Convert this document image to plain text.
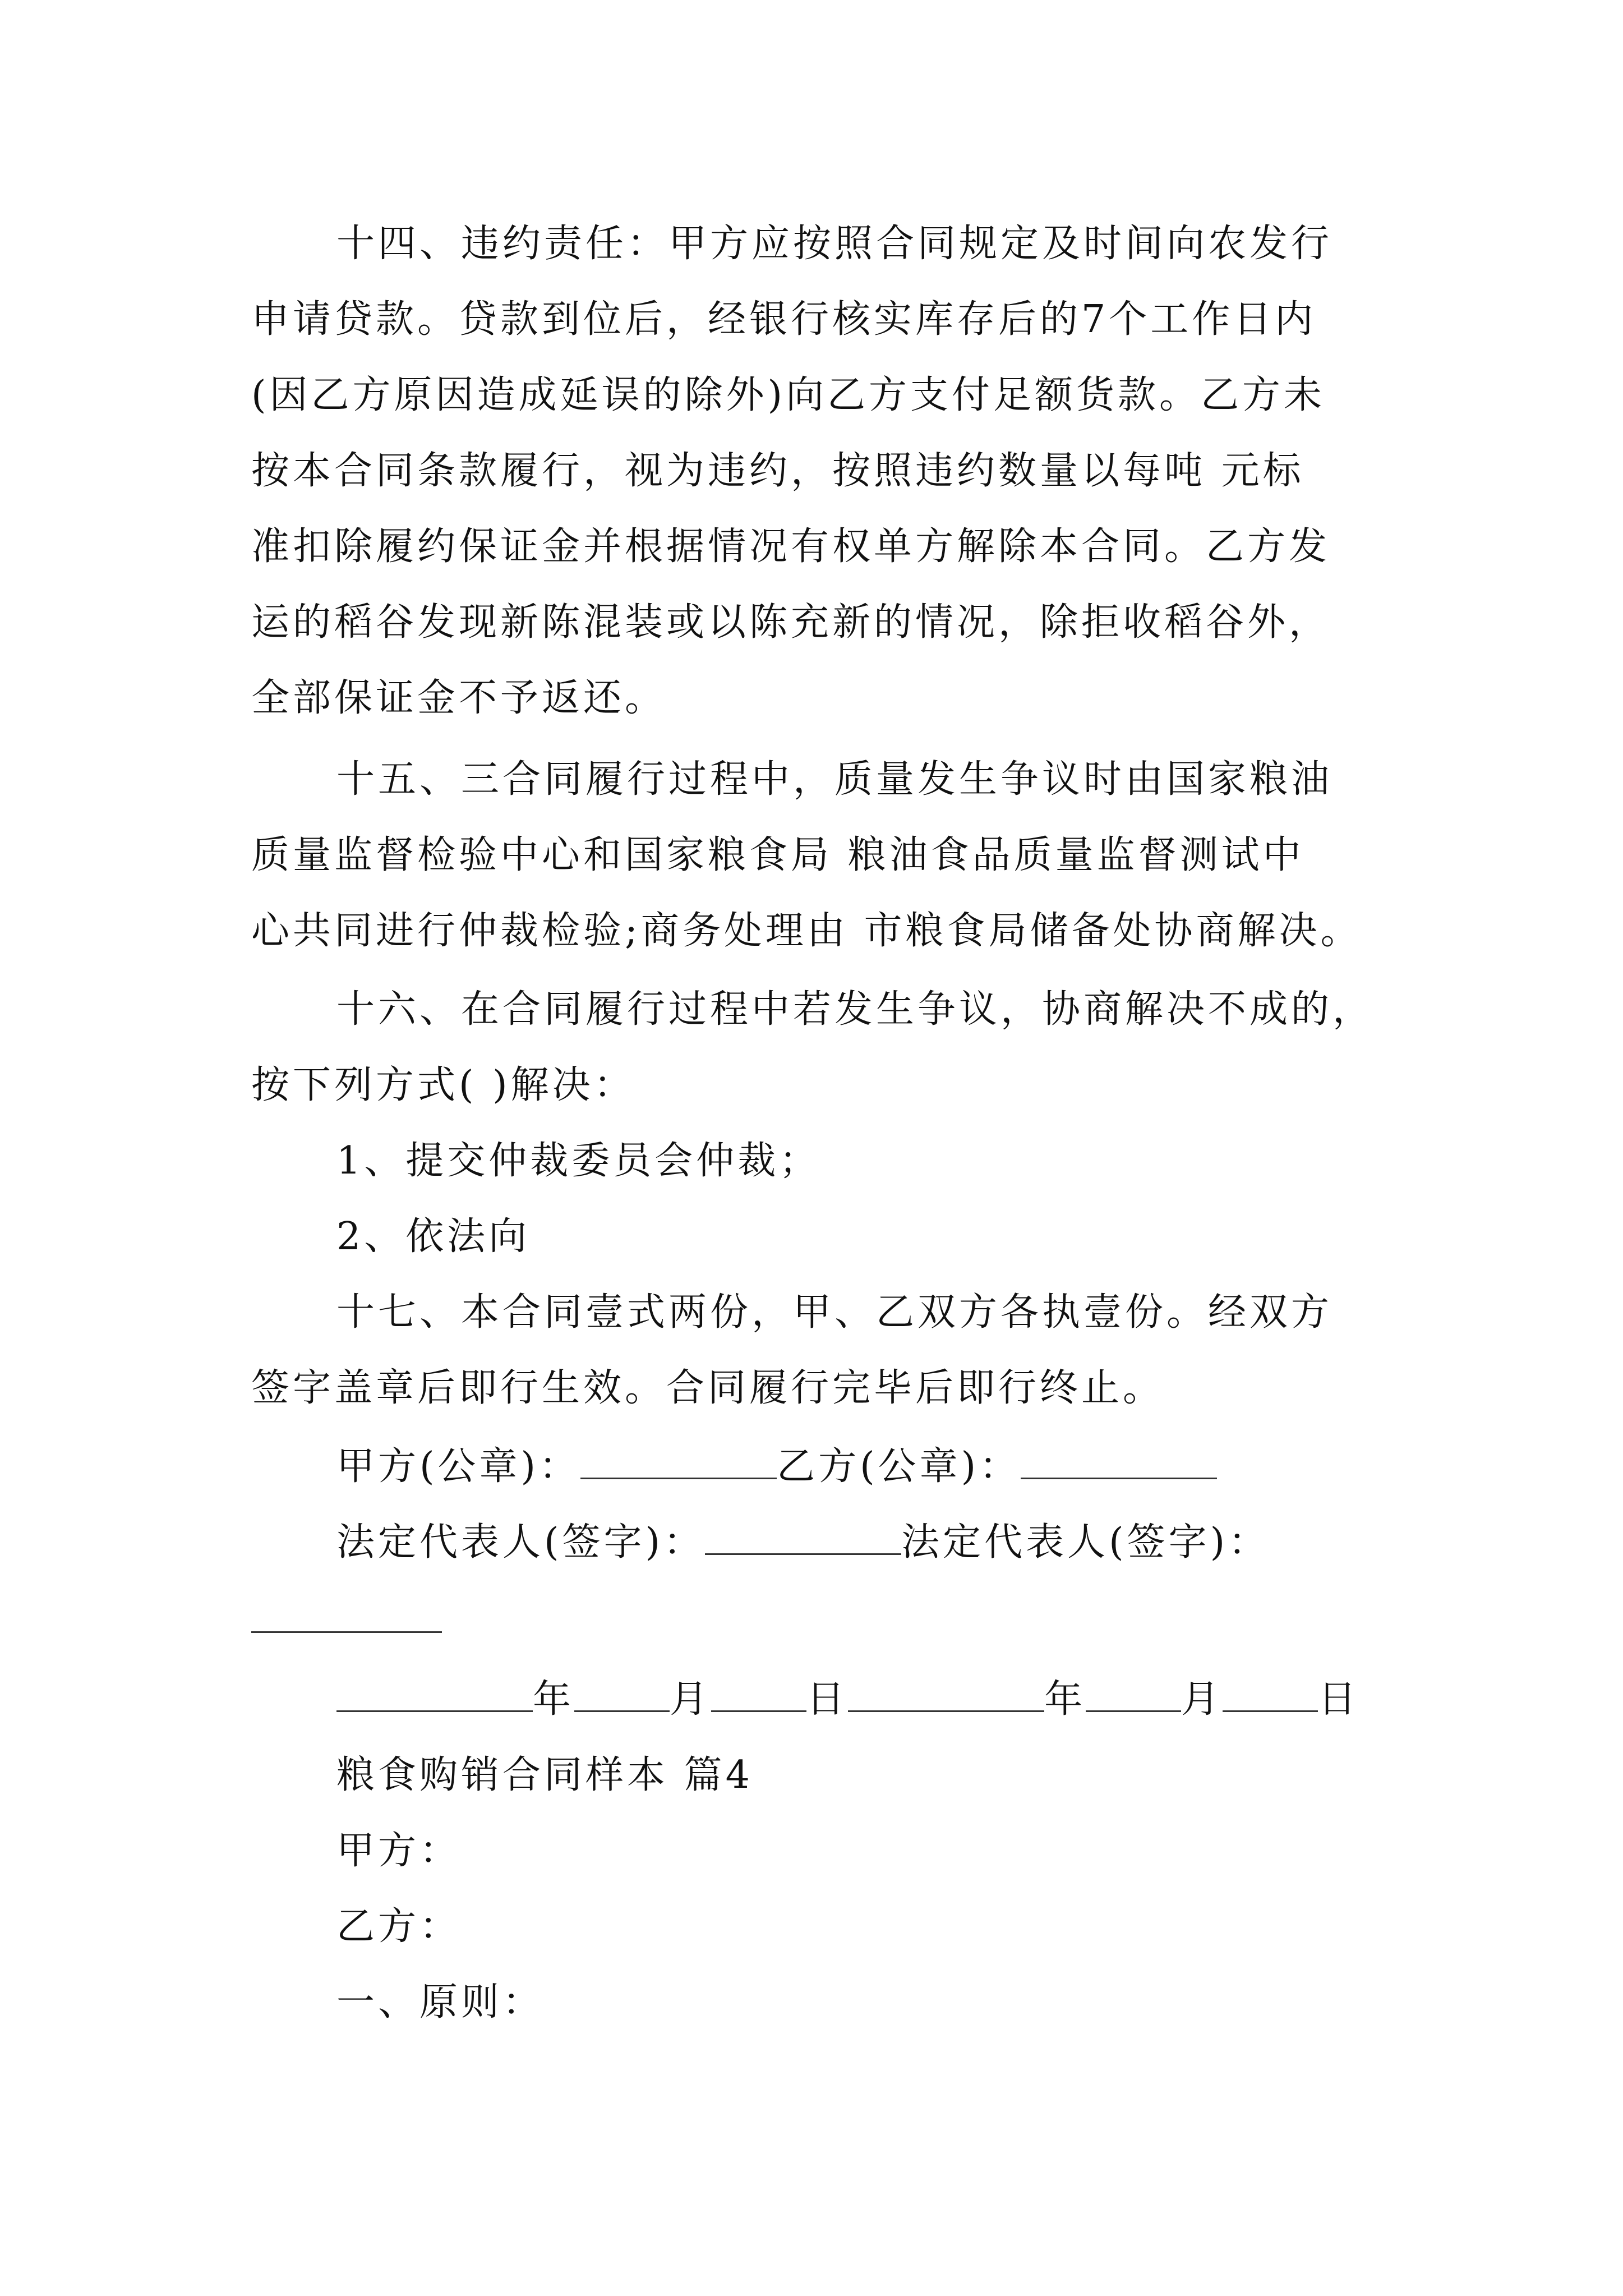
十四、违约责任：甲方应按照合同规定及时间向农发行
申请贷款。贷款到位后，经银行核实库存后的7个工作日内
(因乙方原因造成延误的除外)向乙方支付足额货款。乙方未
按本合同条款履行，视为违约，按照违约数量以每吨 元标
准扣除履约保证金并根据情况有权单方解除本合同。乙方发
运的稻谷发现新陈混装或以陈充新的情况，除拒收稻谷外，
全部保证金不予返还。
十五、三合同履行过程中，质量发生争议时由国家粮油
质量监督检验中心和国家粮食局 粮油食品质量监督测试中
心共同进行仲裁检验;商务处理由 市粮食局储备处协商解决。
十六、在合同履行过程中若发生争议，协商解决不成的，
按下列方式( )解决：
1、提交仲裁委员会仲裁；
2、依法向
十七、本合同壹式两份，甲、乙双方各执壹份。经双方
签字盖章后即行生效。合同履行完毕后即行终止。
甲方(公章)：	乙方(公章)：
法定代表人(签字)：	法定代表人(签字)：
年	月	日	年	月	日
粮食购销合同样本 篇4
甲方：
乙方：
一、原则：
